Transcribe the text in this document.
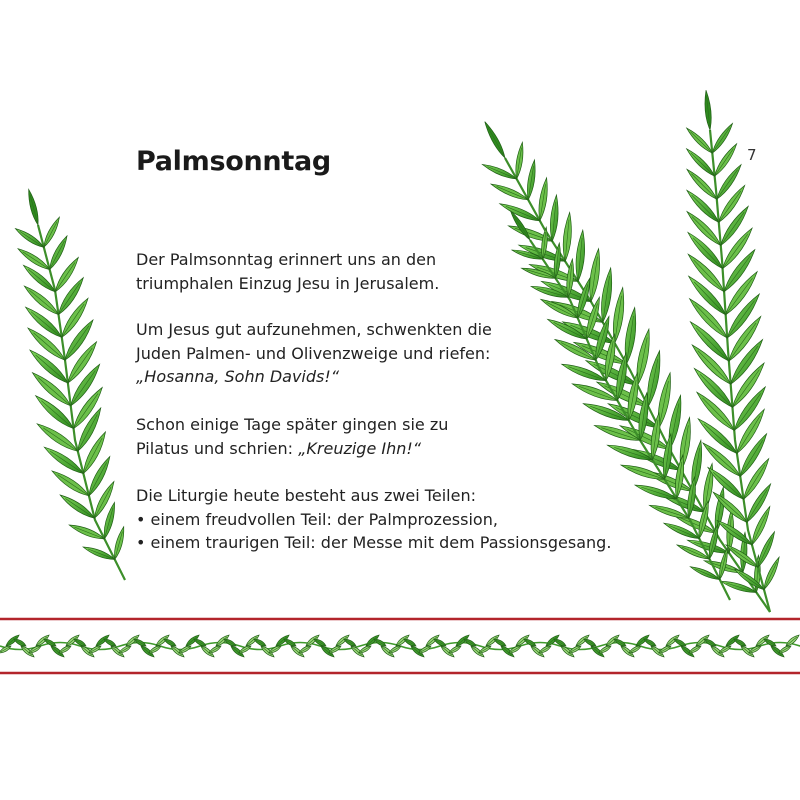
7
Palmsonntag

Der Palmsonntag erinnert uns an den

triumphalen Einzug Jesu in Jerusalem.

Um Jesus gut aufzunehmen, schwenkten die

Juden Palmen- und Olivenzweige und riefen:

„Hosanna, Sohn Davids!“

Schon einige Tage später gingen sie zu

Pilatus und schrien: „Kreuzige Ihn!“

Die Liturgie heute besteht aus zwei Teilen:

• einem freudvollen Teil: der Palmprozession,
• einem traurigen Teil: der Messe mit dem Passionsgesang.
